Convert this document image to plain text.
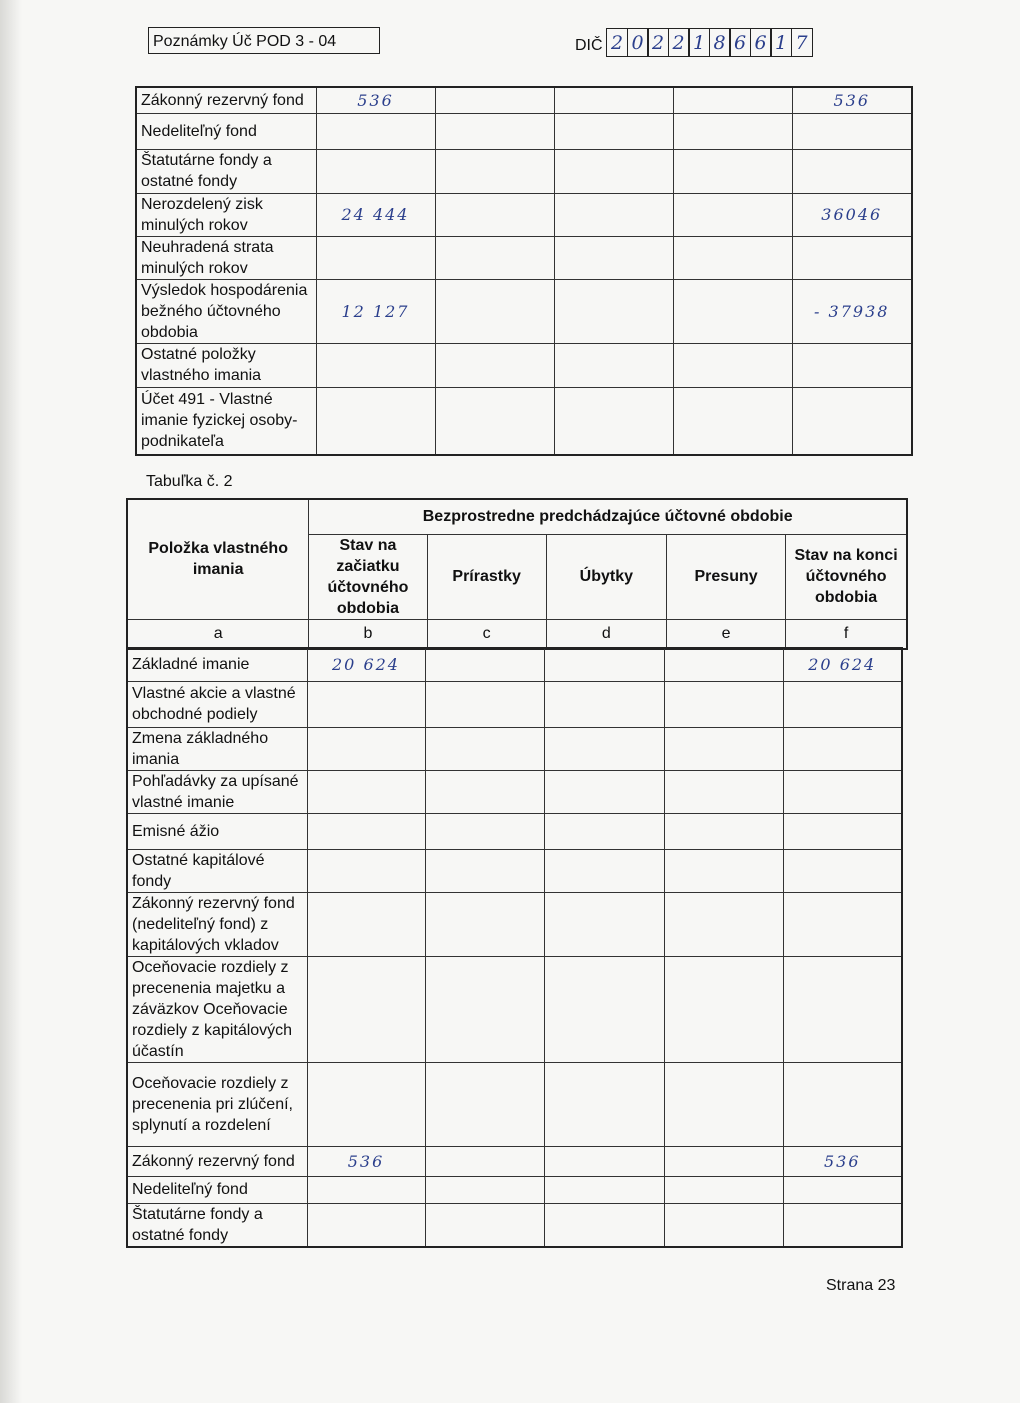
Poznámky Úč POD 3 - 04	DIČ 2 0 2 2 1 8 6 6 1 7
Zákonný rezervný fond	536				536
Nedeliteľný fond					
Štatutárne fondy a ostatné fondy					
Nerozdelený zisk minulých rokov	24 444				36046
Neuhradená strata minulých rokov					
Výsledok hospodárenia bežného účtovného obdobia	12 127				- 37938
Ostatné položky vlastného imania					
Účet 491 - Vlastné imanie fyzickej osoby-podnikateľa					
Tabuľka č. 2
Položka vlastného imania	Bezprostredne predchádzajúce účtovné obdobie				
	Stav na začiatku účtovného obdobia	Prírastky	Úbytky	Presuny	Stav na konci účtovného obdobia
a	b	c	d	e	f
Základné imanie	20 624				20 624
Vlastné akcie a vlastné obchodné podiely					
Zmena základného imania					
Pohľadávky za upísané vlastné imanie					
Emisné ážio					
Ostatné kapitálové fondy					
Zákonný rezervný fond (nedeliteľný fond) z kapitálových vkladov					
Oceňovacie rozdiely z precenenia majetku a záväzkov Oceňovacie rozdiely z kapitálových účastín					
Oceňovacie rozdiely z precenenia pri zlúčení, splynutí a rozdelení					
Zákonný rezervný fond	536				536
Nedeliteľný fond					
Štatutárne fondy a ostatné fondy					
Strana 23
